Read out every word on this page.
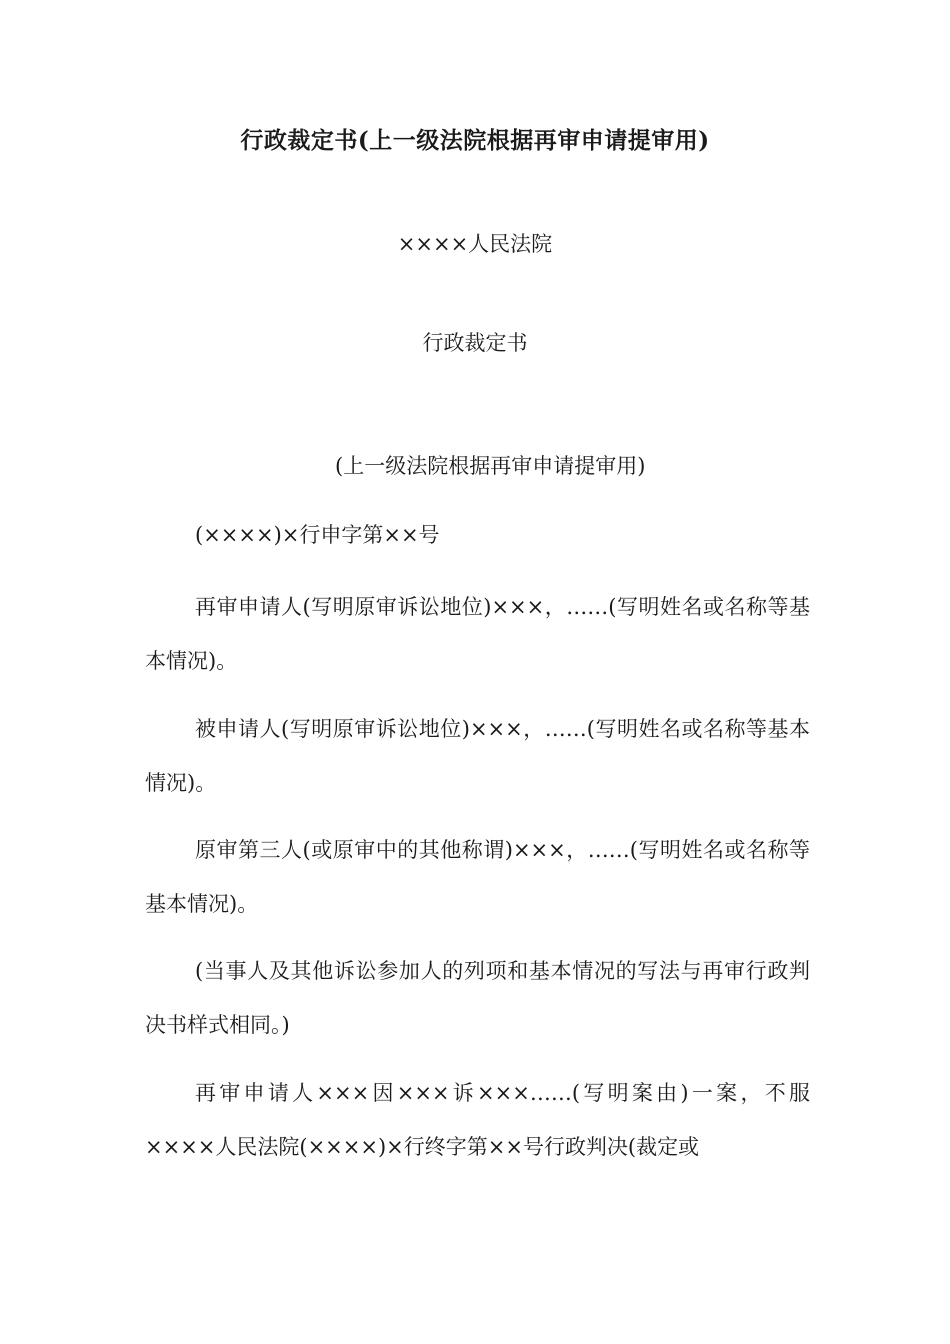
行政裁定书(上一级法院根据再审申请提审用)

××××人民法院

行政裁定书

(上一级法院根据再审申请提审用)

(××××)×行申字第××号

再审申请人(写明原审诉讼地位)×××，……(写明姓名或名称等基本情况)。

被申请人(写明原审诉讼地位)×××，……(写明姓名或名称等基本情况)。

原审第三人(或原审中的其他称谓)×××，……(写明姓名或名称等基本情况)。

(当事人及其他诉讼参加人的列项和基本情况的写法与再审行政判决书样式相同。)

再审申请人×××因×××诉×××……(写明案由)一案，不服××××人民法院(××××)×行终字第××号行政判决(裁定或
